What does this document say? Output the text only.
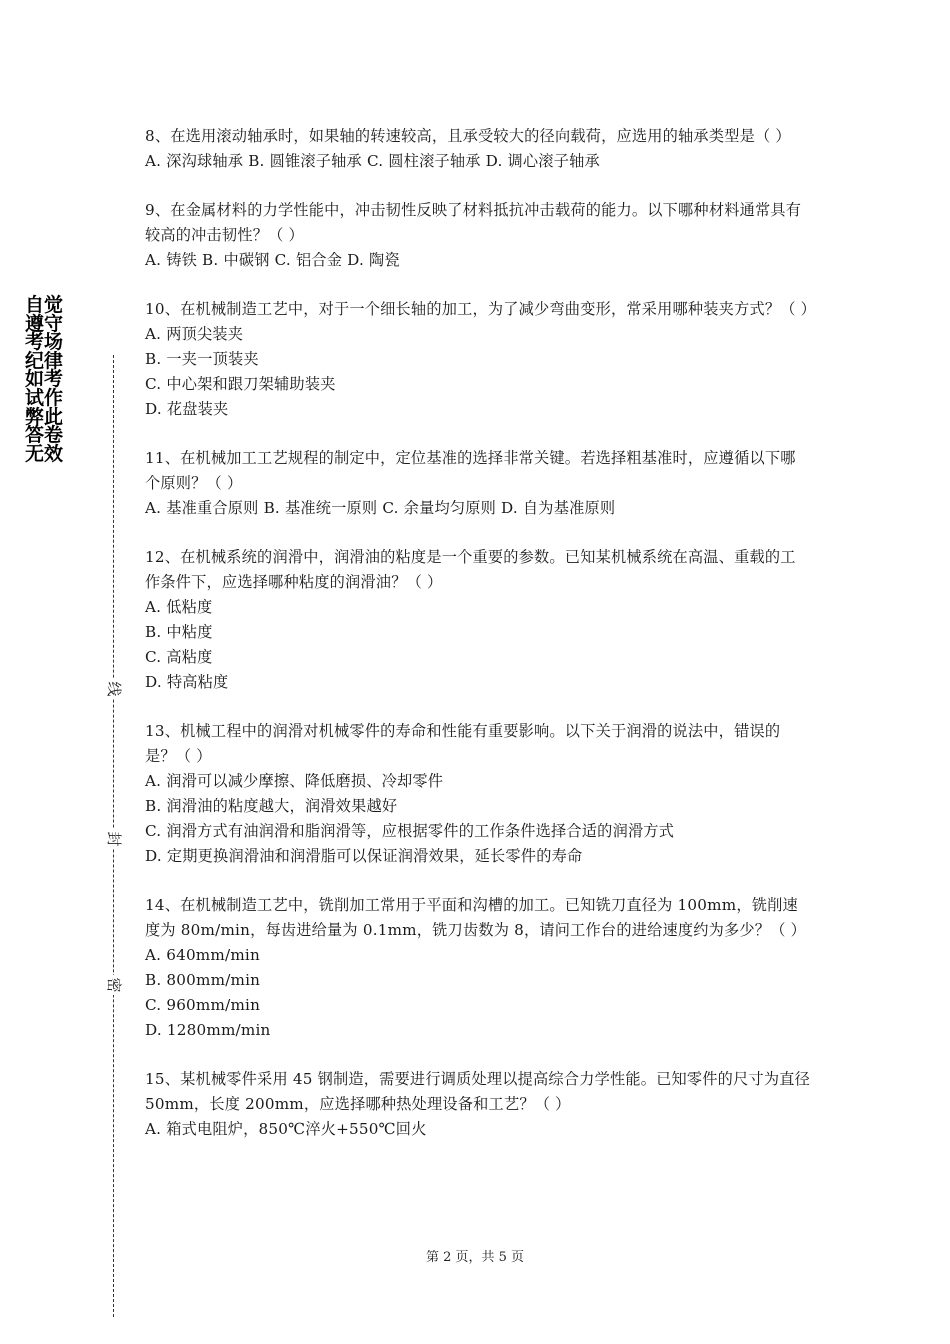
自觉遵守考场纪律如考试作弊此答卷无效
线
封
密

8、在选用滚动轴承时，如果轴的转速较高，且承受较大的径向载荷，应选用的轴承类型是（ ）

A. 深沟球轴承 B. 圆锥滚子轴承 C. 圆柱滚子轴承 D. 调心滚子轴承

9、在金属材料的力学性能中，冲击韧性反映了材料抵抗冲击载荷的能力。以下哪种材料通常具有较高的冲击韧性？（ ）

A. 铸铁 B. 中碳钢 C. 铝合金 D. 陶瓷

10、在机械制造工艺中，对于一个细长轴的加工，为了减少弯曲变形，常采用哪种装夹方式？（ ）

A. 两顶尖装夹

B. 一夹一顶装夹

C. 中心架和跟刀架辅助装夹

D. 花盘装夹

11、在机械加工工艺规程的制定中，定位基准的选择非常关键。若选择粗基准时，应遵循以下哪个原则？（ ）

A. 基准重合原则 B. 基准统一原则 C. 余量均匀原则 D. 自为基准原则

12、在机械系统的润滑中，润滑油的粘度是一个重要的参数。已知某机械系统在高温、重载的工作条件下，应选择哪种粘度的润滑油？（ ）

A. 低粘度

B. 中粘度

C. 高粘度

D. 特高粘度

13、机械工程中的润滑对机械零件的寿命和性能有重要影响。以下关于润滑的说法中，错误的是？（ ）

A. 润滑可以减少摩擦、降低磨损、冷却零件

B. 润滑油的粘度越大，润滑效果越好

C. 润滑方式有油润滑和脂润滑等，应根据零件的工作条件选择合适的润滑方式

D. 定期更换润滑油和润滑脂可以保证润滑效果，延长零件的寿命

14、在机械制造工艺中，铣削加工常用于平面和沟槽的加工。已知铣刀直径为 100mm，铣削速度为 80m/min，每齿进给量为 0.1mm，铣刀齿数为 8，请问工作台的进给速度约为多少？（ ）

A. 640mm/min

B. 800mm/min

C. 960mm/min

D. 1280mm/min

15、某机械零件采用 45 钢制造，需要进行调质处理以提高综合力学性能。已知零件的尺寸为直径 50mm，长度 200mm，应选择哪种热处理设备和工艺？（ ）

A. 箱式电阻炉，850℃淬火+550℃回火

第 2 页，共 5 页
